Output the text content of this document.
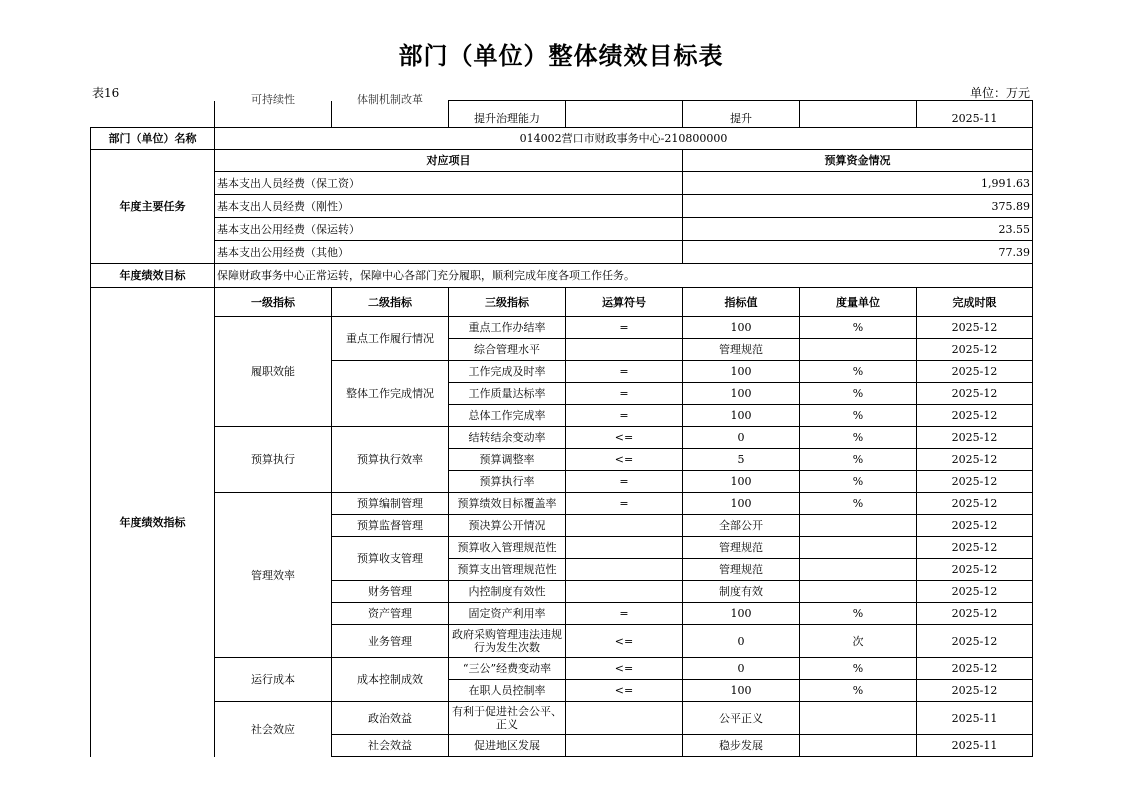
部门（单位）整体绩效目标表
表16	单位：万元
	可持续性	体制机制改革	提升治理能力		提升		2025-11
部门（单位）名称	014002营口市财政事务中心-210800000						
年度主要任务	对应项目				预算资金情况		
	基本支出人员经费（保工资）				1,991.63		
	基本支出人员经费（刚性）				375.89		
	基本支出公用经费（保运转）				23.55		
	基本支出公用经费（其他）				77.39		
年度绩效目标	保障财政事务中心正常运转，保障中心各部门充分履职，顺利完成年度各项工作任务。						
年度绩效指标	一级指标	二级指标	三级指标	运算符号	指标值	度量单位	完成时限
	履职效能	重点工作履行情况	重点工作办结率	=	100	%	2025-12
			综合管理水平		管理规范		2025-12
		整体工作完成情况	工作完成及时率	=	100	%	2025-12
			工作质量达标率	=	100	%	2025-12
			总体工作完成率	=	100	%	2025-12
	预算执行	预算执行效率	结转结余变动率	<=	0	%	2025-12
			预算调整率	<=	5	%	2025-12
			预算执行率	=	100	%	2025-12
	管理效率	预算编制管理	预算绩效目标覆盖率	=	100	%	2025-12
		预算监督管理	预决算公开情况		全部公开		2025-12
		预算收支管理	预算收入管理规范性		管理规范		2025-12
			预算支出管理规范性		管理规范		2025-12
		财务管理	内控制度有效性		制度有效		2025-12
		资产管理	固定资产利用率	=	100	%	2025-12
		业务管理	政府采购管理违法违规行为发生次数	<=	0	次	2025-12
	运行成本	成本控制成效	“三公”经费变动率	<=	0	%	2025-12
			在职人员控制率	<=	100	%	2025-12
	社会效应	政治效益	有利于促进社会公平、正义		公平正义		2025-11
		社会效益	促进地区发展		稳步发展		2025-11
